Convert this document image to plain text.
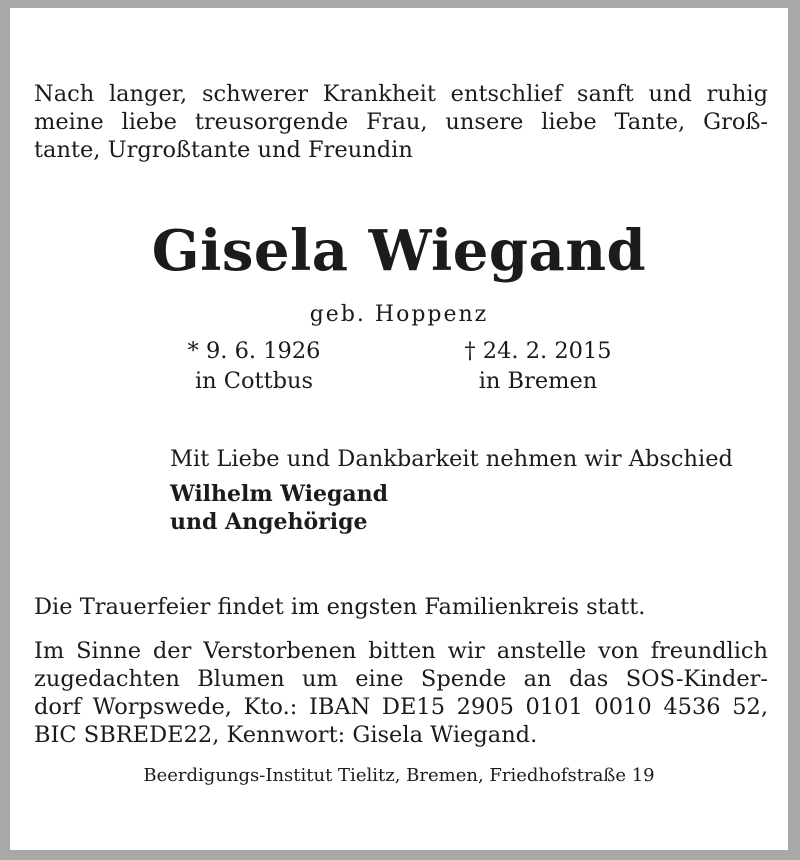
Nach langer, schwerer Krankheit entschlief sanft und ruhig
meine liebe treusorgende Frau, unsere liebe Tante, Groß-
tante, Urgroßtante und Freundin
Gisela Wiegand
geb. Hoppenz
* 9. 6. 1926
in Cottbus
† 24. 2. 2015
in Bremen
Mit Liebe und Dankbarkeit nehmen wir Abschied
Wilhelm Wiegand
und Angehörige
Die Trauerfeier findet im engsten Familienkreis statt.
Im Sinne der Verstorbenen bitten wir anstelle von freundlich
zugedachten Blumen um eine Spende an das SOS-Kinder-
dorf Worpswede, Kto.: IBAN DE15 2905 0101 0010 4536 52,
BIC SBREDE22, Kennwort: Gisela Wiegand.
Beerdigungs-Institut Tielitz, Bremen, Friedhofstraße 19
